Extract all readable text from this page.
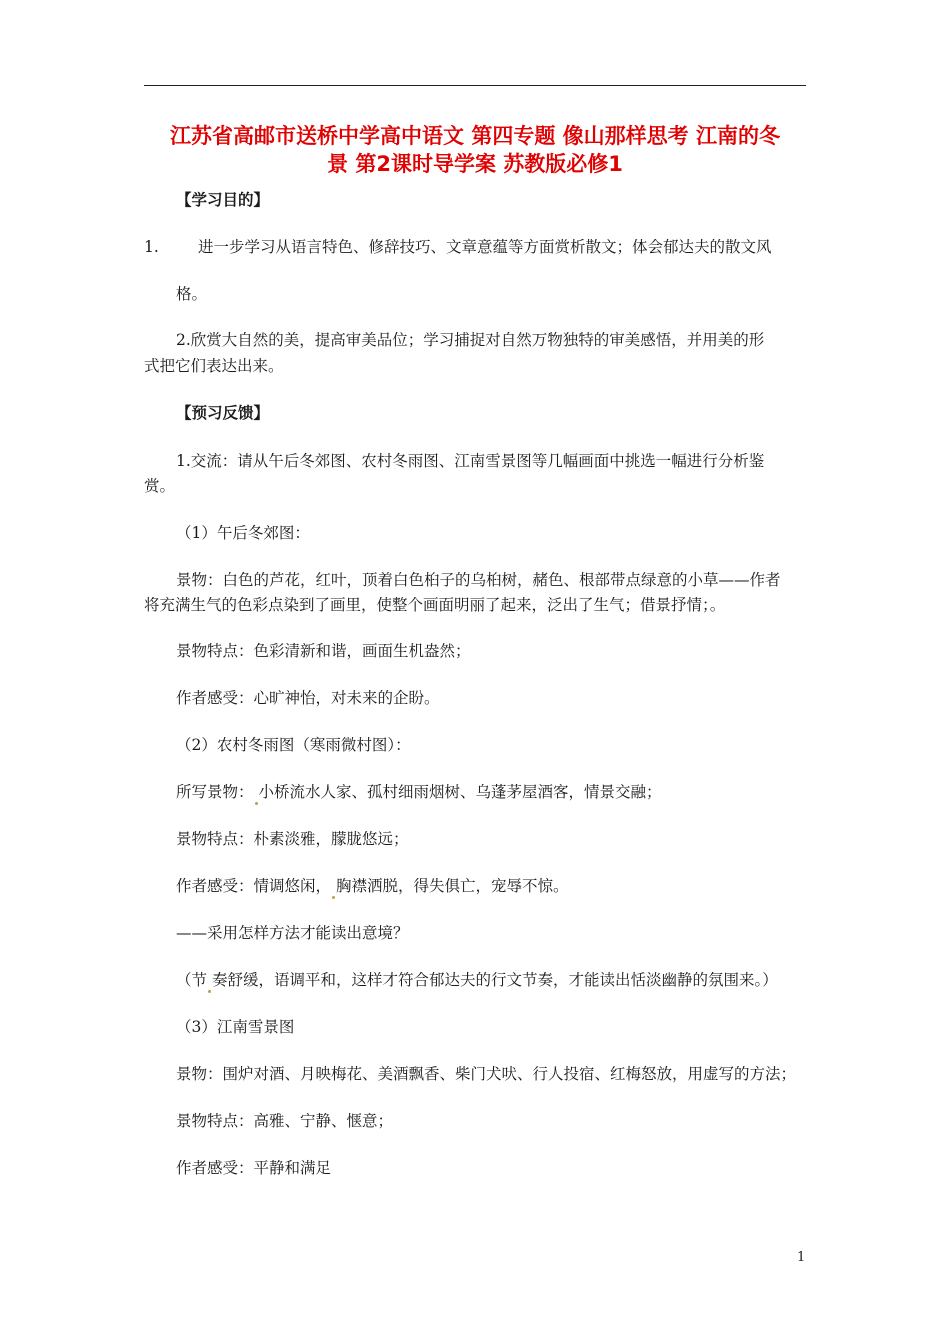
江苏省高邮市送桥中学高中语文 第四专题 像山那样思考 江南的冬
景 第2课时导学案 苏教版必修1
【学习目的】
1.	进一步学习从语言特色、修辞技巧、文章意蕴等方面赏析散文；体会郁达夫的散文风
格。
2.欣赏大自然的美，提高审美品位；学习捕捉对自然万物独特的审美感悟，并用美的形
式把它们表达出来。
【预习反馈】
1.交流：请从午后冬郊图、农村冬雨图、江南雪景图等几幅画面中挑选一幅进行分析鉴
赏。
（1）午后冬郊图：
景物：白色的芦花，红叶，顶着白色桕子的乌桕树，赭色、根部带点绿意的小草——作者
将充满生气的色彩点染到了画里，使整个画面明丽了起来，泛出了生气；借景抒情；。
景物特点：色彩清新和谐，画面生机盎然；
作者感受：心旷神怡，对未来的企盼。
（2）农村冬雨图（寒雨微村图）：
所写景物： 小桥流水人家、孤村细雨烟树、乌蓬茅屋酒客，情景交融；
景物特点：朴素淡雅，朦胧悠远；
作者感受：情调悠闲， 胸襟洒脱，得失俱亡，宠辱不惊。
——采用怎样方法才能读出意境？
（节 奏舒缓，语调平和，这样才符合郁达夫的行文节奏，才能读出恬淡幽静的氛围来。）
（3）江南雪景图
景物：围炉对酒、月映梅花、美酒飘香、柴门犬吠、行人投宿、红梅怒放，用虚写的方法；
景物特点：高雅、宁静、惬意；
作者感受：平静和满足
1
